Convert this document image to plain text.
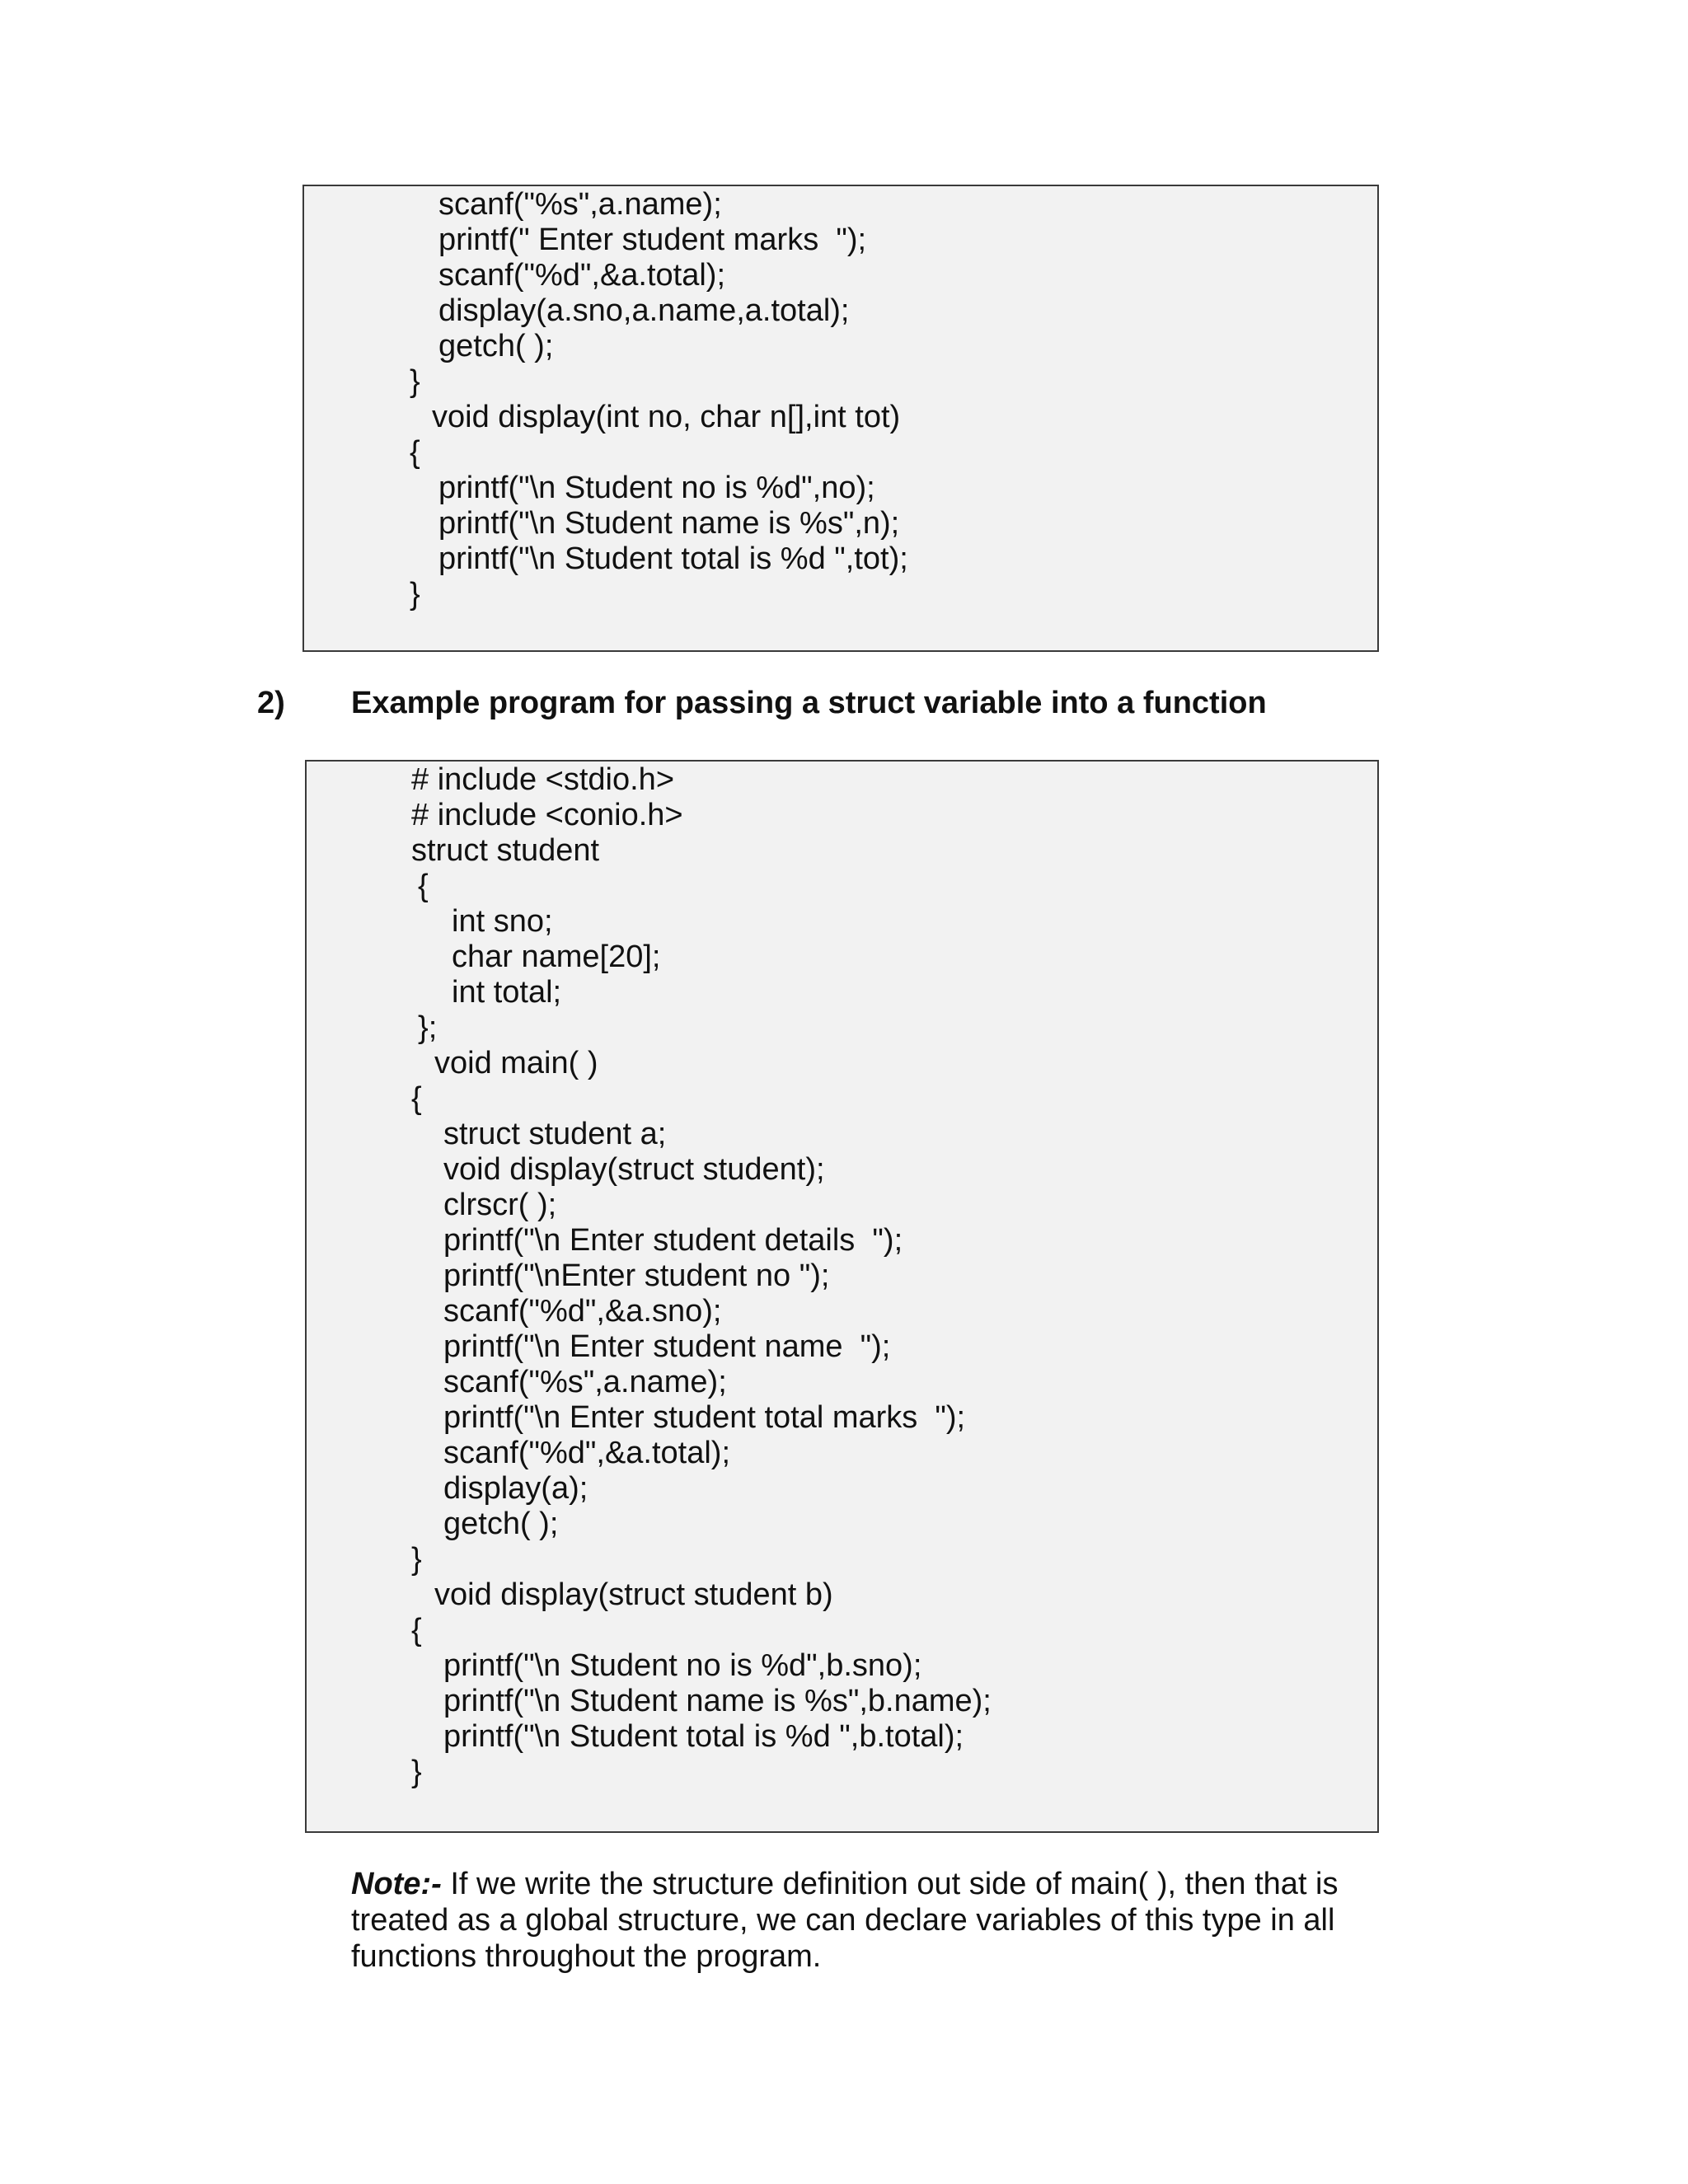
scanf("%s",a.name);
printf(" Enter student marks  ");
scanf("%d",&a.total);
display(a.sno,a.name,a.total);
getch( );
}
void display(int no, char n[],int tot)
{
printf("\n Student no is %d",no);
printf("\n Student name is %s",n);
printf("\n Student total is %d ",tot);
}
2) Example program for passing a struct variable into a function
# include <stdio.h>
# include <conio.h>
struct student
{
int sno;
char name[20];
int total;
};
void main( )
{
struct student a;
void display(struct student);
clrscr( );
printf("\n Enter student details  ");
printf("\nEnter student no ");
scanf("%d",&a.sno);
printf("\n Enter student name  ");
scanf("%s",a.name);
printf("\n Enter student total marks  ");
scanf("%d",&a.total);
display(a);
getch( );
}
void display(struct student b)
{
printf("\n Student no is %d",b.sno);
printf("\n Student name is %s",b.name);
printf("\n Student total is %d ",b.total);
}

Note:- If we write the structure definition out side of main( ), then that is treated as a global structure, we can declare variables of this type in all functions throughout the program.
